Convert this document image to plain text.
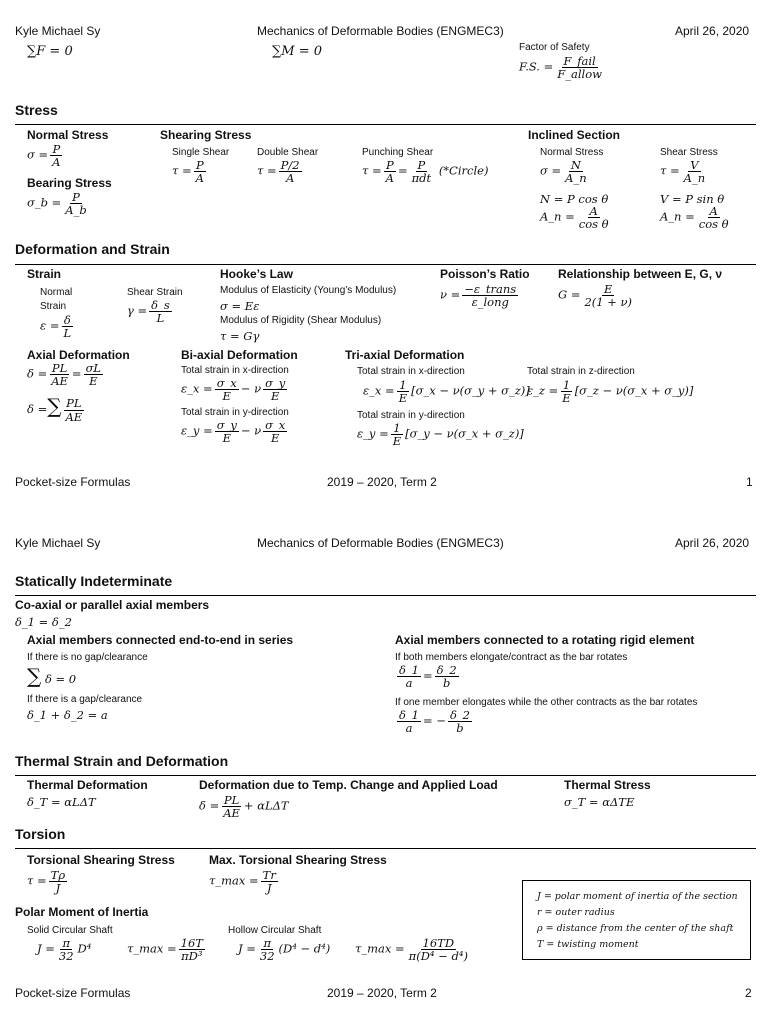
Kyle Michael Sy	Mechanics of Deformable Bodies (ENGMEC3)	April 26, 2020
∑F = 0	∑M = 0	Factor of Safety
F.S. = $\frac{\text{F\_fail}}{\text{F\_allow}}$
Stress
Normal Stress
$\sigma = \frac{P}{A}$
Bearing Stress
σ_b = $\frac{P}{A\_b}$
Shearing Stress
Single Shear
$\tau = \frac{P}{A}$
Double Shear
$\tau = \frac{P/2}{A}$
Punching Shear
$\tau = \frac{P}{A} = \frac{P}{\text{πdt}}$ (*Circle)
Inclined Section
Normal Stress
$\sigma = \frac{N}{A\_n}$
N = P cos θ
A_n = $\frac{A}{\text{cos θ}}$
Shear Stress
$\tau = \frac{V}{A\_n}$
V = P sin θ
A_n = $\frac{A}{\text{cos θ}}$
Deformation and Strain
Strain
Normal
Strain
$\varepsilon = \frac{\delta}{L}$
Shear Strain
$\gamma = \frac{\delta\_s}{L}$
Hooke’s Law
Modulus of Elasticity (Young’s Modulus)
σ = Eε
Modulus of Rigidity (Shear Modulus)
τ = Gγ
Poisson’s Ratio
$\nu = \frac{\text{−ε\_trans}}{\text{ε\_long}}$
Relationship between E, G, ν
$G = \frac{E}{2(1 + \nu)}$
Axial Deformation
$\delta = \frac{PL}{AE} = \frac{\sigma L}{E}$
δ =∑ $\frac{PL}{AE}$
Bi-axial Deformation
Total strain in x-direction
ε_x = $\frac{\sigma\_x}{E} - \nu \frac{\sigma\_y}{E}$
Total strain in y-direction
ε_y = $\frac{\sigma\_y}{E} - \nu \frac{\sigma\_x}{E}$
Tri-axial Deformation
Total strain in x-direction
ε_x = $\frac{1}{E}$ [σ_x − ν(σ_y + σ_z)]
Total strain in y-direction
ε_y = $\frac{1}{E}$ [σ_y − ν(σ_x + σ_z)]
Total strain in z-direction
ε_z = $\frac{1}{E}$ [σ_z − ν(σ_x + σ_y)]
Pocket-size Formulas	2019 – 2020, Term 2	1
Kyle Michael Sy	Mechanics of Deformable Bodies (ENGMEC3)	April 26, 2020
Statically Indeterminate
Co-axial or parallel axial members
δ_1 = δ_2
Axial members connected end-to-end in series
If there is no gap/clearance
∑ δ = 0
If there is a gap/clearance
δ_1 + δ_2 = a
Axial members connected to a rotating rigid element
If both members elongate/contract as the bar rotates
$\frac{\delta\_1}{a} = \frac{\delta\_2}{b}$
If one member elongates while the other contracts as the bar rotates
$\frac{\delta\_1}{a}$ = − $\frac{\delta\_2}{b}$
Thermal Strain and Deformation
Thermal Deformation
δ_T = αLΔT
Deformation due to Temp. Change and Applied Load
$\delta = \frac{PL}{AE} + \alpha L\Delta T$
Thermal Stress
σ_T = αΔTE
Torsion
Torsional Shearing Stress
$\tau = \frac{T\rho}{J}$
Max. Torsional Shearing Stress
τ_max = $\frac{Tr}{J}$
Polar Moment of Inertia
Solid Circular Shaft
$J = \frac{\pi}{32} D^4$	τ_max = $\frac{16T}{\text{πD³}}$
Hollow Circular Shaft
$J = \frac{\pi}{32} (D^4 - d^4)$ τ_max = $\frac{16TD}{\text{π(D⁴ − d⁴)}}$
J = polar moment of inertia of the section
r = outer radius
ρ = distance from the center of the shaft
T = twisting moment
Pocket-size Formulas	2019 – 2020, Term 2	2
